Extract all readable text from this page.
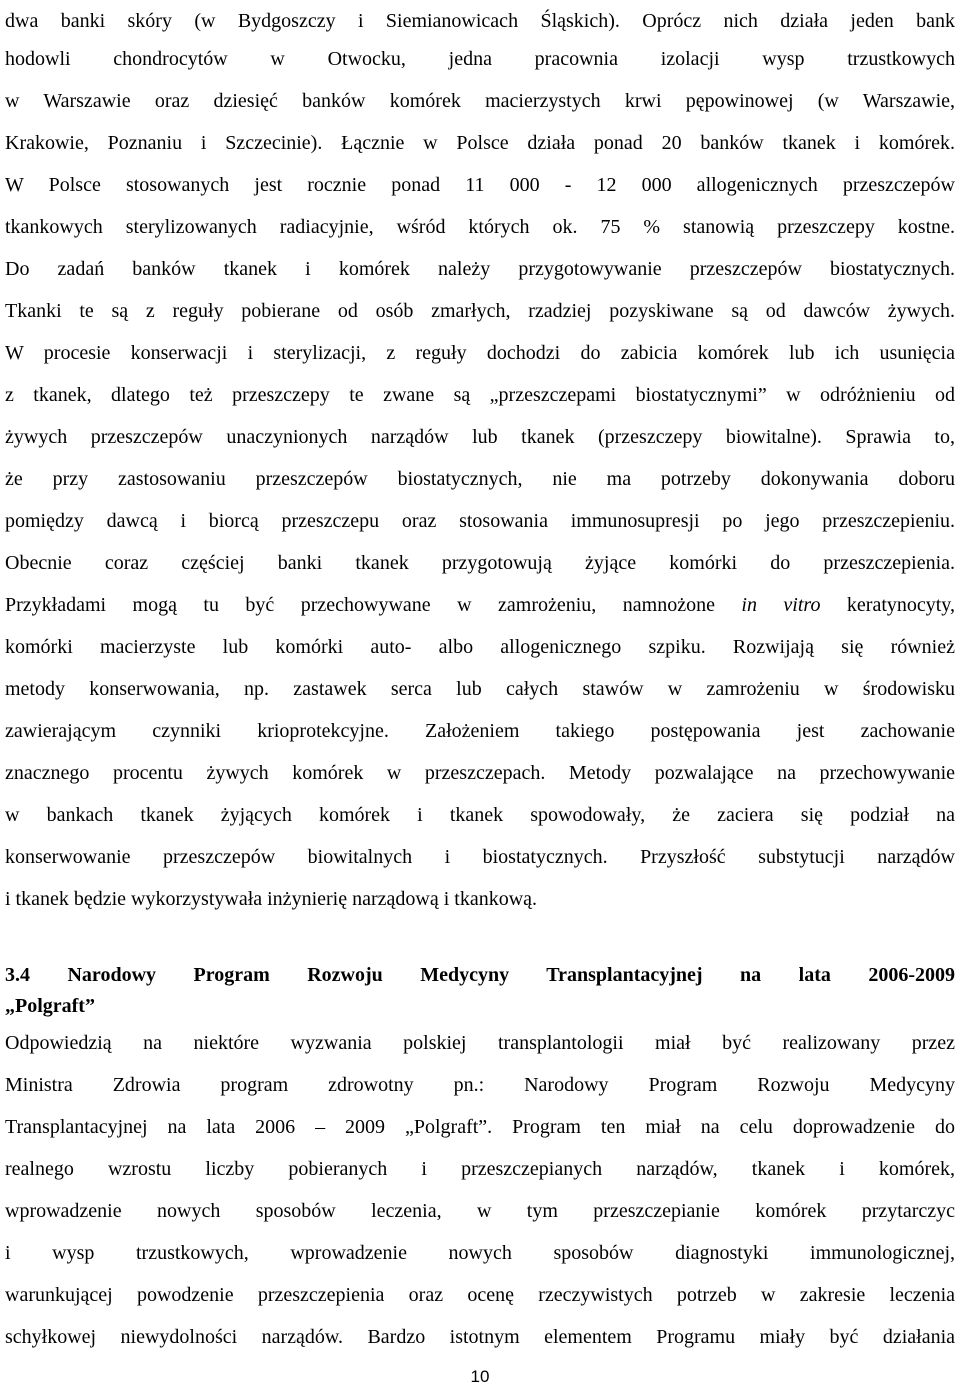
dwa banki skóry (w Bydgoszczy i Siemianowicach Śląskich). Oprócz nich działa jeden bank
hodowli chondrocytów w Otwocku, jedna pracownia izolacji wysp trzustkowych
w Warszawie oraz dziesięć banków komórek macierzystych krwi pępowinowej (w Warszawie,
Krakowie, Poznaniu i Szczecinie). Łącznie w Polsce działa ponad 20 banków tkanek i komórek.
W Polsce stosowanych jest rocznie ponad 11 000 - 12 000 allogenicznych przeszczepów
tkankowych sterylizowanych radiacyjnie, wśród których ok. 75 % stanowią przeszczepy kostne.
Do zadań banków tkanek i komórek należy przygotowywanie przeszczepów biostatycznych.
Tkanki te są z reguły pobierane od osób zmarłych, rzadziej pozyskiwane są od dawców żywych.
W procesie konserwacji i sterylizacji, z reguły dochodzi do zabicia komórek lub ich usunięcia
z tkanek, dlatego też przeszczepy te zwane są „przeszczepami biostatycznymi” w odróżnieniu od
żywych przeszczepów unaczynionych narządów lub tkanek (przeszczepy biowitalne). Sprawia to,
że przy zastosowaniu przeszczepów biostatycznych, nie ma potrzeby dokonywania doboru
pomiędzy dawcą i biorcą przeszczepu oraz stosowania immunosupresji po jego przeszczepieniu.
Obecnie coraz częściej banki tkanek przygotowują żyjące komórki do przeszczepienia.
Przykładami mogą tu być przechowywane w zamrożeniu, namnożone in vitro keratynocyty,
komórki macierzyste lub komórki auto- albo allogenicznego szpiku. Rozwijają się również
metody konserwowania, np. zastawek serca lub całych stawów w zamrożeniu w środowisku
zawierającym czynniki krioprotekcyjne. Założeniem takiego postępowania jest zachowanie
znacznego procentu żywych komórek w przeszczepach. Metody pozwalające na przechowywanie
w bankach tkanek żyjących komórek i tkanek spowodowały, że zaciera się podział na
konserwowanie przeszczepów biowitalnych i biostatycznych. Przyszłość substytucji narządów
i tkanek będzie wykorzystywała inżynierię narządową i tkankową.
3.4 Narodowy Program Rozwoju Medycyny Transplantacyjnej na lata 2006-2009
„Polgraft”
Odpowiedzią na niektóre wyzwania polskiej transplantologii miał być realizowany przez
Ministra Zdrowia program zdrowotny pn.: Narodowy Program Rozwoju Medycyny
Transplantacyjnej na lata 2006 – 2009 „Polgraft”. Program ten miał na celu doprowadzenie do
realnego wzrostu liczby pobieranych i przeszczepianych narządów, tkanek i komórek,
wprowadzenie nowych sposobów leczenia, w tym przeszczepianie komórek przytarczyc
i wysp trzustkowych, wprowadzenie nowych sposobów diagnostyki immunologicznej,
warunkującej powodzenie przeszczepienia oraz ocenę rzeczywistych potrzeb w zakresie leczenia
schyłkowej niewydolności narządów. Bardzo istotnym elementem Programu miały być działania
10
